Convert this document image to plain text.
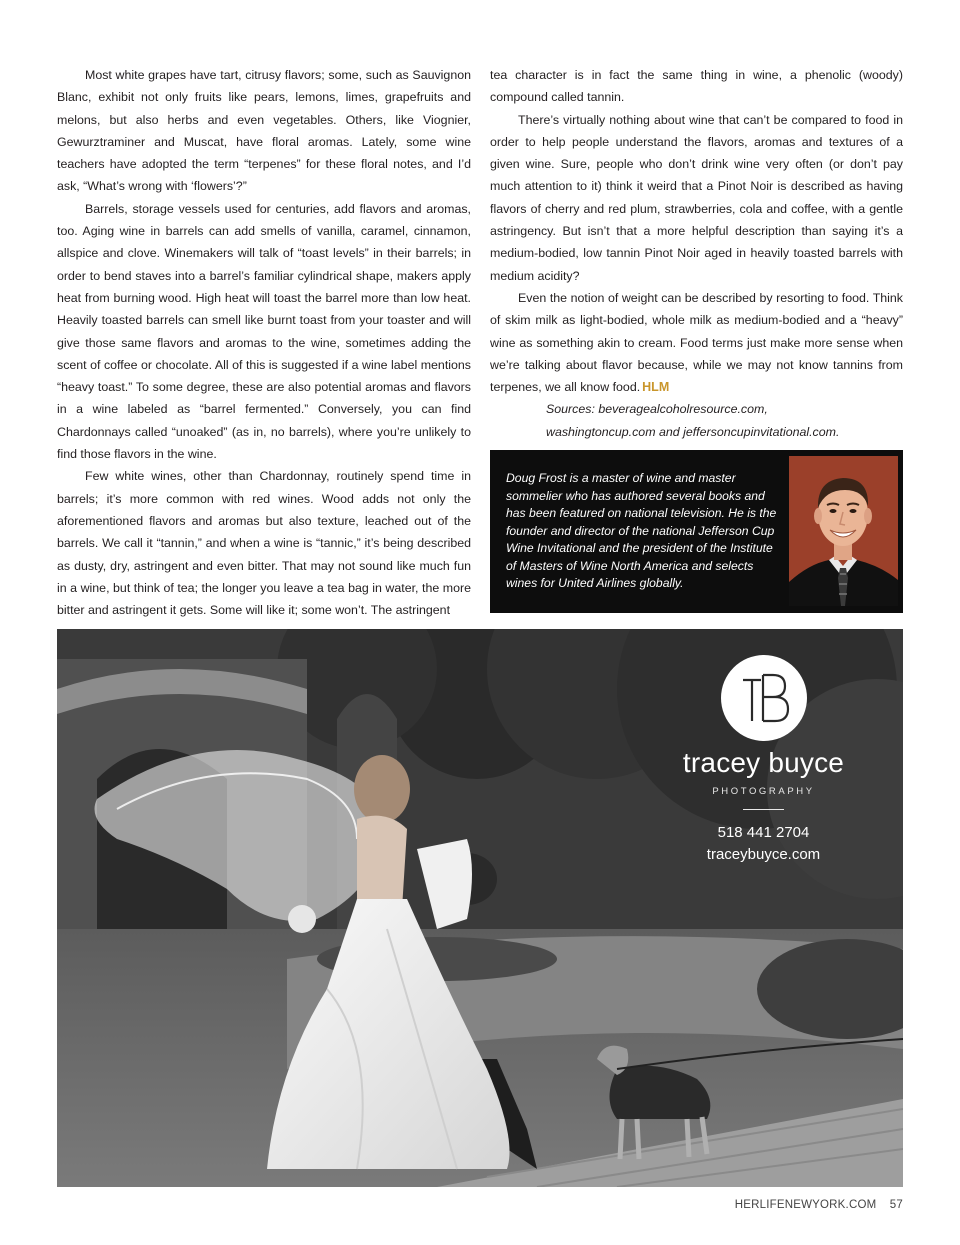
Most white grapes have tart, citrusy flavors; some, such as Sauvignon Blanc, exhibit not only fruits like pears, lemons, limes, grapefruits and melons, but also herbs and even vegetables. Others, like Viognier, Gewurztraminer and Muscat, have floral aromas. Lately, some wine teachers have adopted the term “terpenes” for these floral notes, and I’d ask, “What’s wrong with ‘flowers’?”

Barrels, storage vessels used for centuries, add flavors and aromas, too. Aging wine in barrels can add smells of vanilla, caramel, cinnamon, allspice and clove. Winemakers will talk of “toast levels” in their barrels; in order to bend staves into a barrel’s familiar cylindrical shape, makers apply heat from burning wood. High heat will toast the barrel more than low heat. Heavily toasted barrels can smell like burnt toast from your toaster and will give those same flavors and aromas to the wine, sometimes adding the scent of coffee or chocolate. All of this is suggested if a wine label mentions “heavy toast.” To some degree, these are also potential aromas and flavors in a wine labeled as “barrel fermented.” Conversely, you can find Chardonnays called “unoaked” (as in, no barrels), where you’re unlikely to find those flavors in the wine.

Few white wines, other than Chardonnay, routinely spend time in barrels; it’s more common with red wines. Wood adds not only the aforementioned flavors and aromas but also texture, leached out of the barrels. We call it “tannin,” and when a wine is “tannic,” it’s being described as dusty, dry, astringent and even bitter. That may not sound like much fun in a wine, but think of tea; the longer you leave a tea bag in water, the more bitter and astringent it gets. Some will like it; some won’t. The astringent

tea character is in fact the same thing in wine, a phenolic (woody) compound called tannin.

There’s virtually nothing about wine that can’t be compared to food in order to help people understand the flavors, aromas and textures of a given wine. Sure, people who don’t drink wine very often (or don’t pay much attention to it) think it weird that a Pinot Noir is described as having flavors of cherry and red plum, strawberries, cola and coffee, with a gentle astringency. But isn’t that a more helpful description than saying it’s a medium-bodied, low tannin Pinot Noir aged in heavily toasted barrels with medium acidity?

Even the notion of weight can be described by resorting to food. Think of skim milk as light-bodied, whole milk as medium-bodied and a “heavy” wine as something akin to cream. Food terms just make more sense when we’re talking about flavor because, while we may not know tannins from terpenes, we all know food. HLM

Sources: beveragealcoholresource.com,

washingtoncup.com and jeffersoncupinvitational.com.

Doug Frost is a master of wine and master sommelier who has authored several books and has been featured on national television. He is the founder and director of the national Jefferson Cup Wine Invitational and the president of the Institute of Masters of Wine North America and selects wines for United Airlines globally.

tracey buyce
PHOTOGRAPHY
518 441 2704
traceybuyce.com
HERLIFENEWYORK.COM 57
